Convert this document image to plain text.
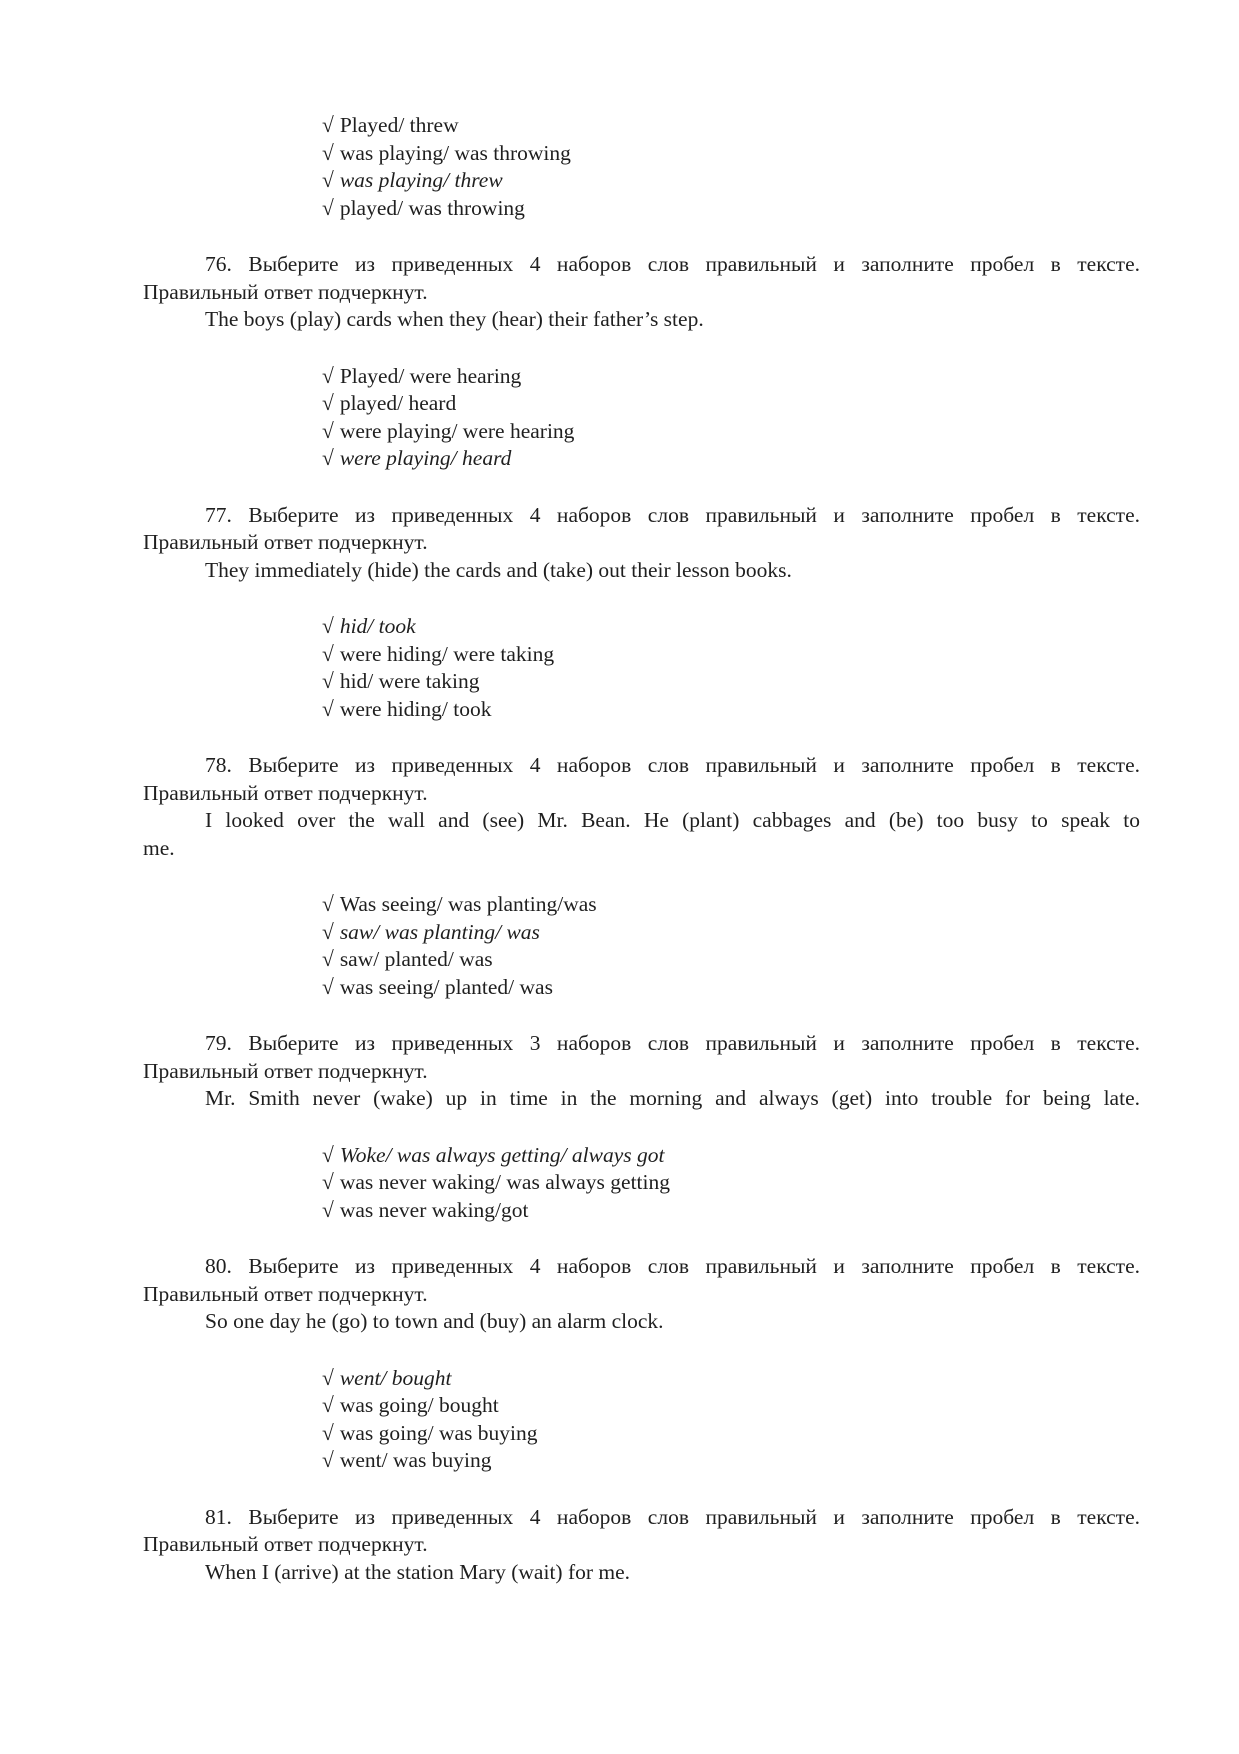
√ Played/ threw
√ was playing/ was throwing
√ was playing/ threw
√ played/ was throwing
76. Выберите из приведенных 4 наборов слов правильный и заполните пробел в тексте.
Правильный ответ подчеркнут.
The boys (play) cards when they (hear) their father’s step.
√ Played/ were hearing
√ played/ heard
√ were playing/ were hearing
√ were playing/ heard
77. Выберите из приведенных 4 наборов слов правильный и заполните пробел в тексте.
Правильный ответ подчеркнут.
They immediately (hide) the cards and (take) out their lesson books.
√ hid/ took
√ were hiding/ were taking
√ hid/ were taking
√ were hiding/ took
78. Выберите из приведенных 4 наборов слов правильный и заполните пробел в тексте.
Правильный ответ подчеркнут.
I looked over the wall and (see) Mr. Bean. He (plant) cabbages and (be) too busy to speak to
me.
√ Was seeing/ was planting/was
√ saw/ was planting/ was
√ saw/ planted/ was
√ was seeing/ planted/ was
79. Выберите из приведенных 3 наборов слов правильный и заполните пробел в тексте.
Правильный ответ подчеркнут.
Mr. Smith never (wake) up in time in the morning and always (get) into trouble for being late.
√ Woke/ was always getting/ always got
√ was never waking/ was always getting
√ was never waking/got
80. Выберите из приведенных 4 наборов слов правильный и заполните пробел в тексте.
Правильный ответ подчеркнут.
So one day he (go) to town and (buy) an alarm clock.
√ went/ bought
√ was going/ bought
√ was going/ was buying
√ went/ was buying
81. Выберите из приведенных 4 наборов слов правильный и заполните пробел в тексте.
Правильный ответ подчеркнут.
When I (arrive) at the station Mary (wait) for me.
